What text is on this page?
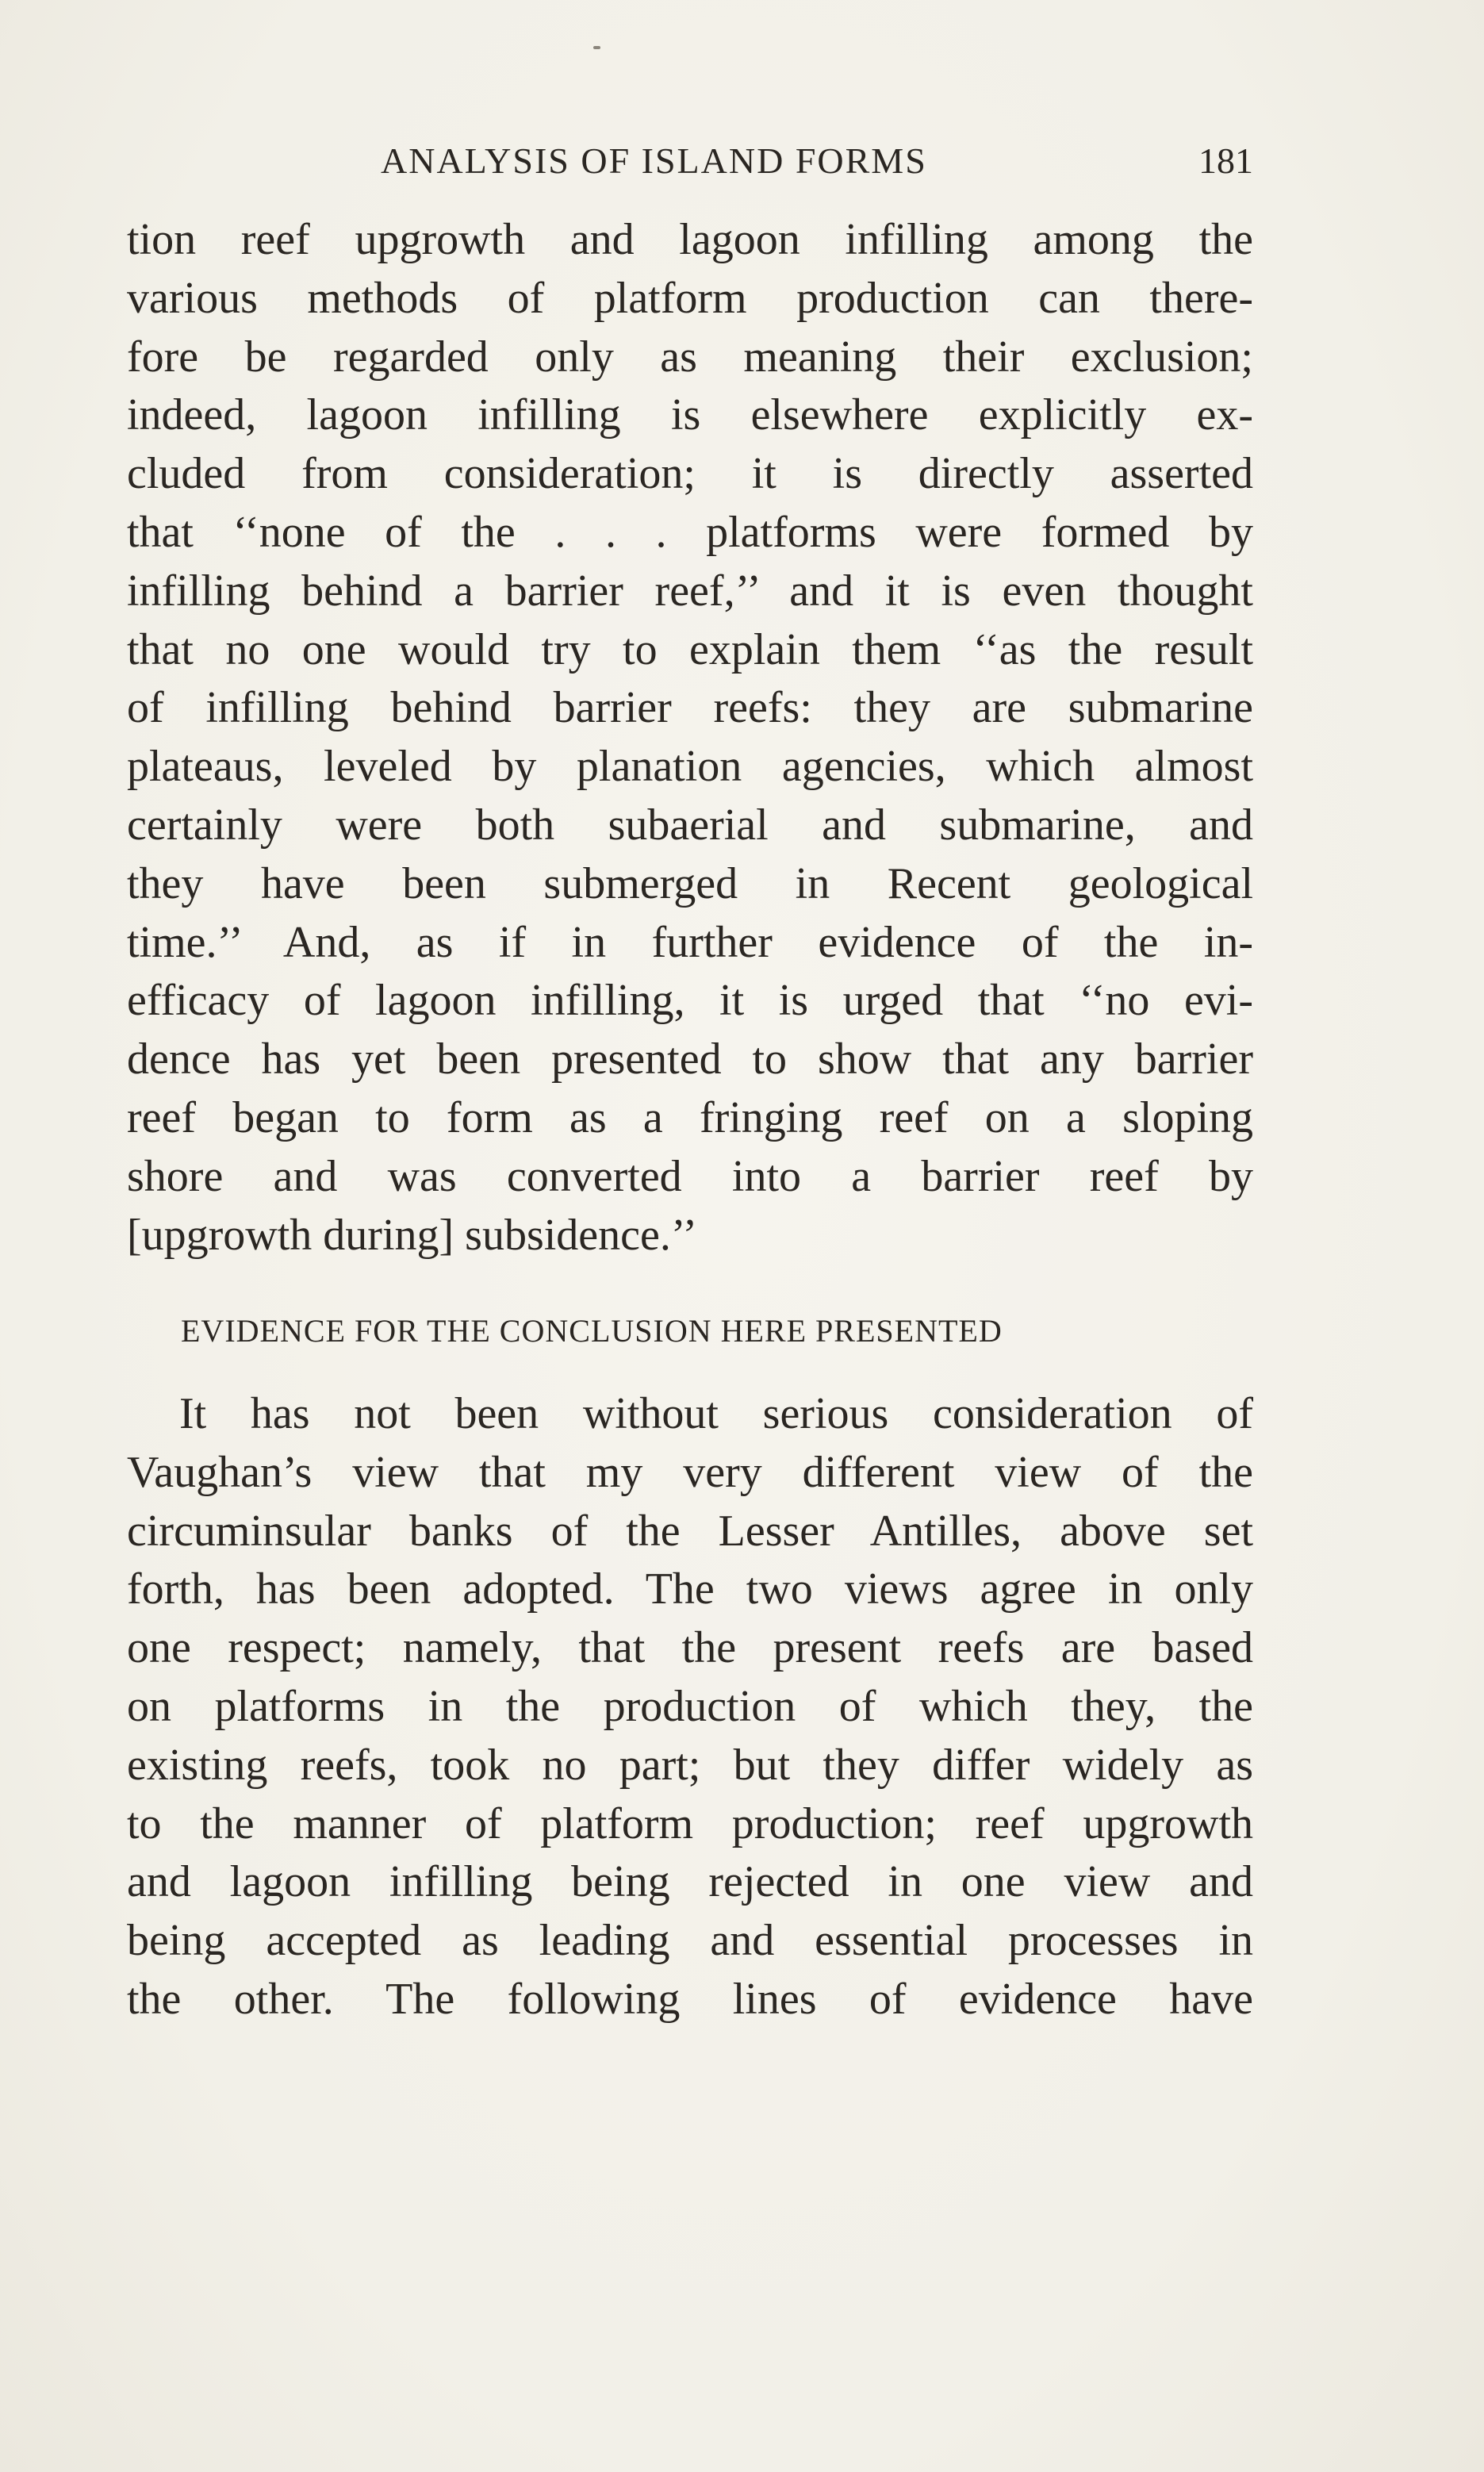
ANALYSIS OF ISLAND FORMS	181
tion reef upgrowth and lagoon infilling among the
various methods of platform production can there-
fore be regarded only as meaning their exclusion;
indeed, lagoon infilling is elsewhere explicitly ex-
cluded from consideration; it is directly asserted
that ‘‘none of the . . . platforms were formed by
infilling behind a barrier reef,’’ and it is even thought
that no one would try to explain them ‘‘as the result
of infilling behind barrier reefs: they are submarine
plateaus, leveled by planation agencies, which almost
certainly were both subaerial and submarine, and
they have been submerged in Recent geological
time.’’ And, as if in further evidence of the in-
efficacy of lagoon infilling, it is urged that ‘‘no evi-
dence has yet been presented to show that any barrier
reef began to form as a fringing reef on a sloping
shore and was converted into a barrier reef by
[upgrowth during] subsidence.’’
EVIDENCE FOR THE CONCLUSION HERE PRESENTED
It has not been without serious consideration of
Vaughan’s view that my very different view of the
circuminsular banks of the Lesser Antilles, above set
forth, has been adopted. The two views agree in only
one respect; namely, that the present reefs are based
on platforms in the production of which they, the
existing reefs, took no part; but they differ widely as
to the manner of platform production; reef upgrowth
and lagoon infilling being rejected in one view and
being accepted as leading and essential processes in
the other. The following lines of evidence have
